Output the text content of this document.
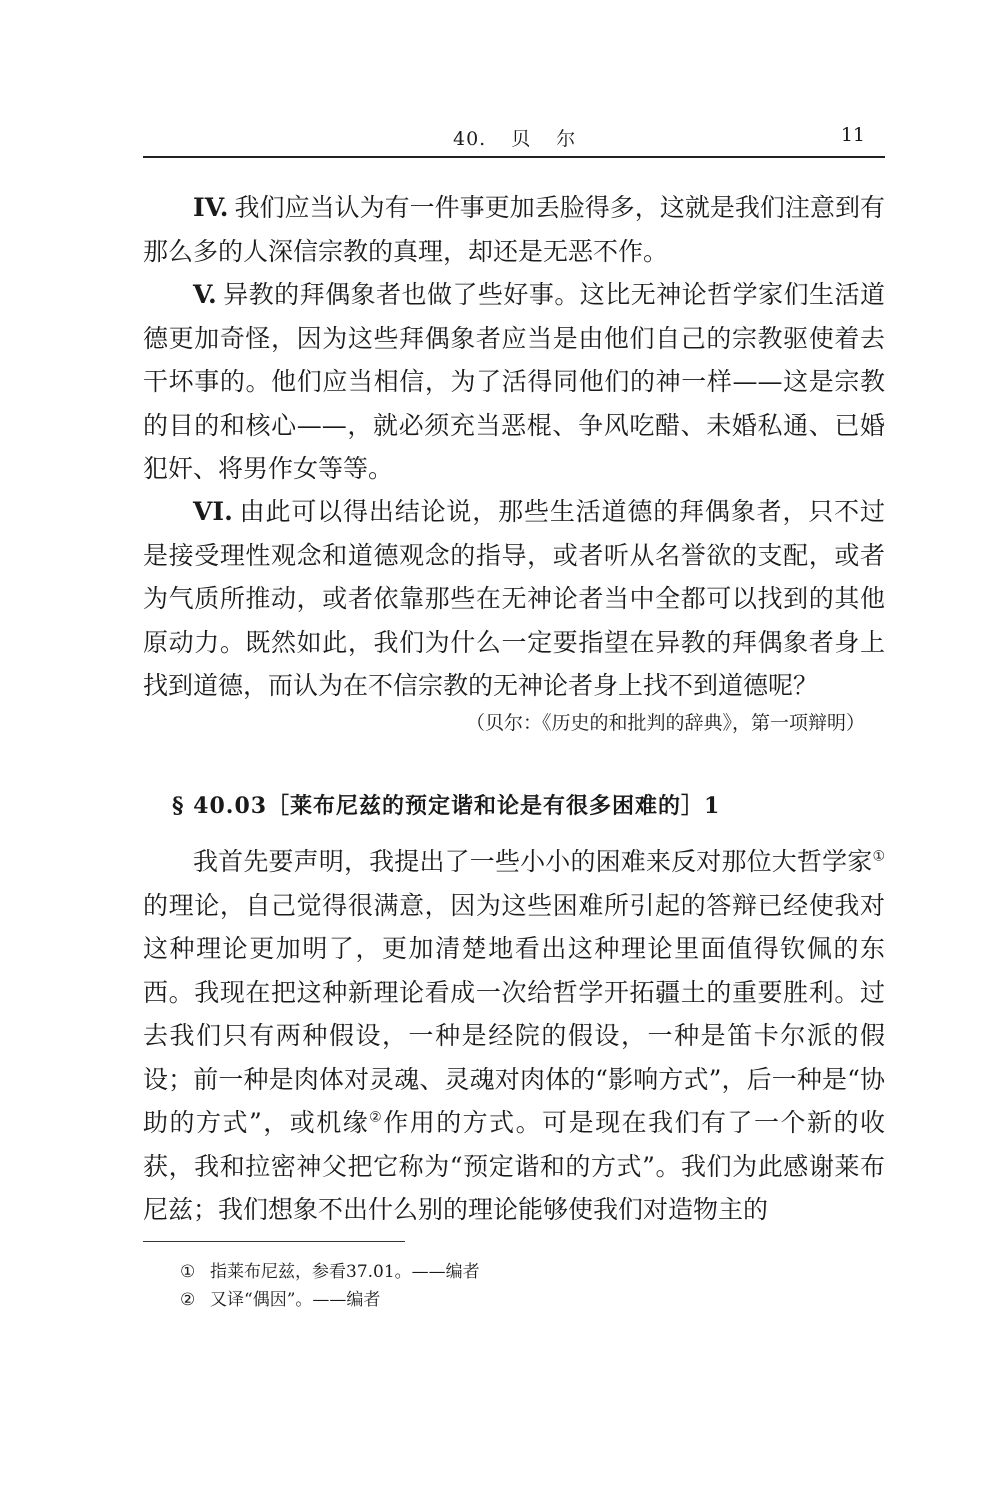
40. 贝 尔	11

IV. 我们应当认为有一件事更加丢脸得多，这就是我们注意到有那么多的人深信宗教的真理，却还是无恶不作。

V. 异教的拜偶象者也做了些好事。这比无神论哲学家们生活道德更加奇怪，因为这些拜偶象者应当是由他们自己的宗教驱使着去干坏事的。他们应当相信，为了活得同他们的神一样——这是宗教的目的和核心——，就必须充当恶棍、争风吃醋、未婚私通、已婚犯奸、将男作女等等。

VI. 由此可以得出结论说，那些生活道德的拜偶象者，只不过是接受理性观念和道德观念的指导，或者听从名誉欲的支配，或者为气质所推动，或者依靠那些在无神论者当中全都可以找到的其他原动力。既然如此，我们为什么一定要指望在异教的拜偶象者身上找到道德，而认为在不信宗教的无神论者身上找不到道德呢？

（贝尔：《历史的和批判的辞典》，第一项辩明）
§ 40.03［莱布尼兹的预定谐和论是有很多困难的］1

我首先要声明，我提出了一些小小的困难来反对那位大哲学家①的理论，自己觉得很满意，因为这些困难所引起的答辩已经使我对这种理论更加明了，更加清楚地看出这种理论里面值得钦佩的东西。我现在把这种新理论看成一次给哲学开拓疆土的重要胜利。过去我们只有两种假设，一种是经院的假设，一种是笛卡尔派的假设；前一种是肉体对灵魂、灵魂对肉体的“影响方式”，后一种是“协助的方式”，或机缘②作用的方式。可是现在我们有了一个新的收获，我和拉密神父把它称为“预定谐和的方式”。我们为此感谢莱布尼兹；我们想象不出什么别的理论能够使我们对造物主的

① 指莱布尼兹，参看37.01。——编者
② 又译“偶因”。——编者
